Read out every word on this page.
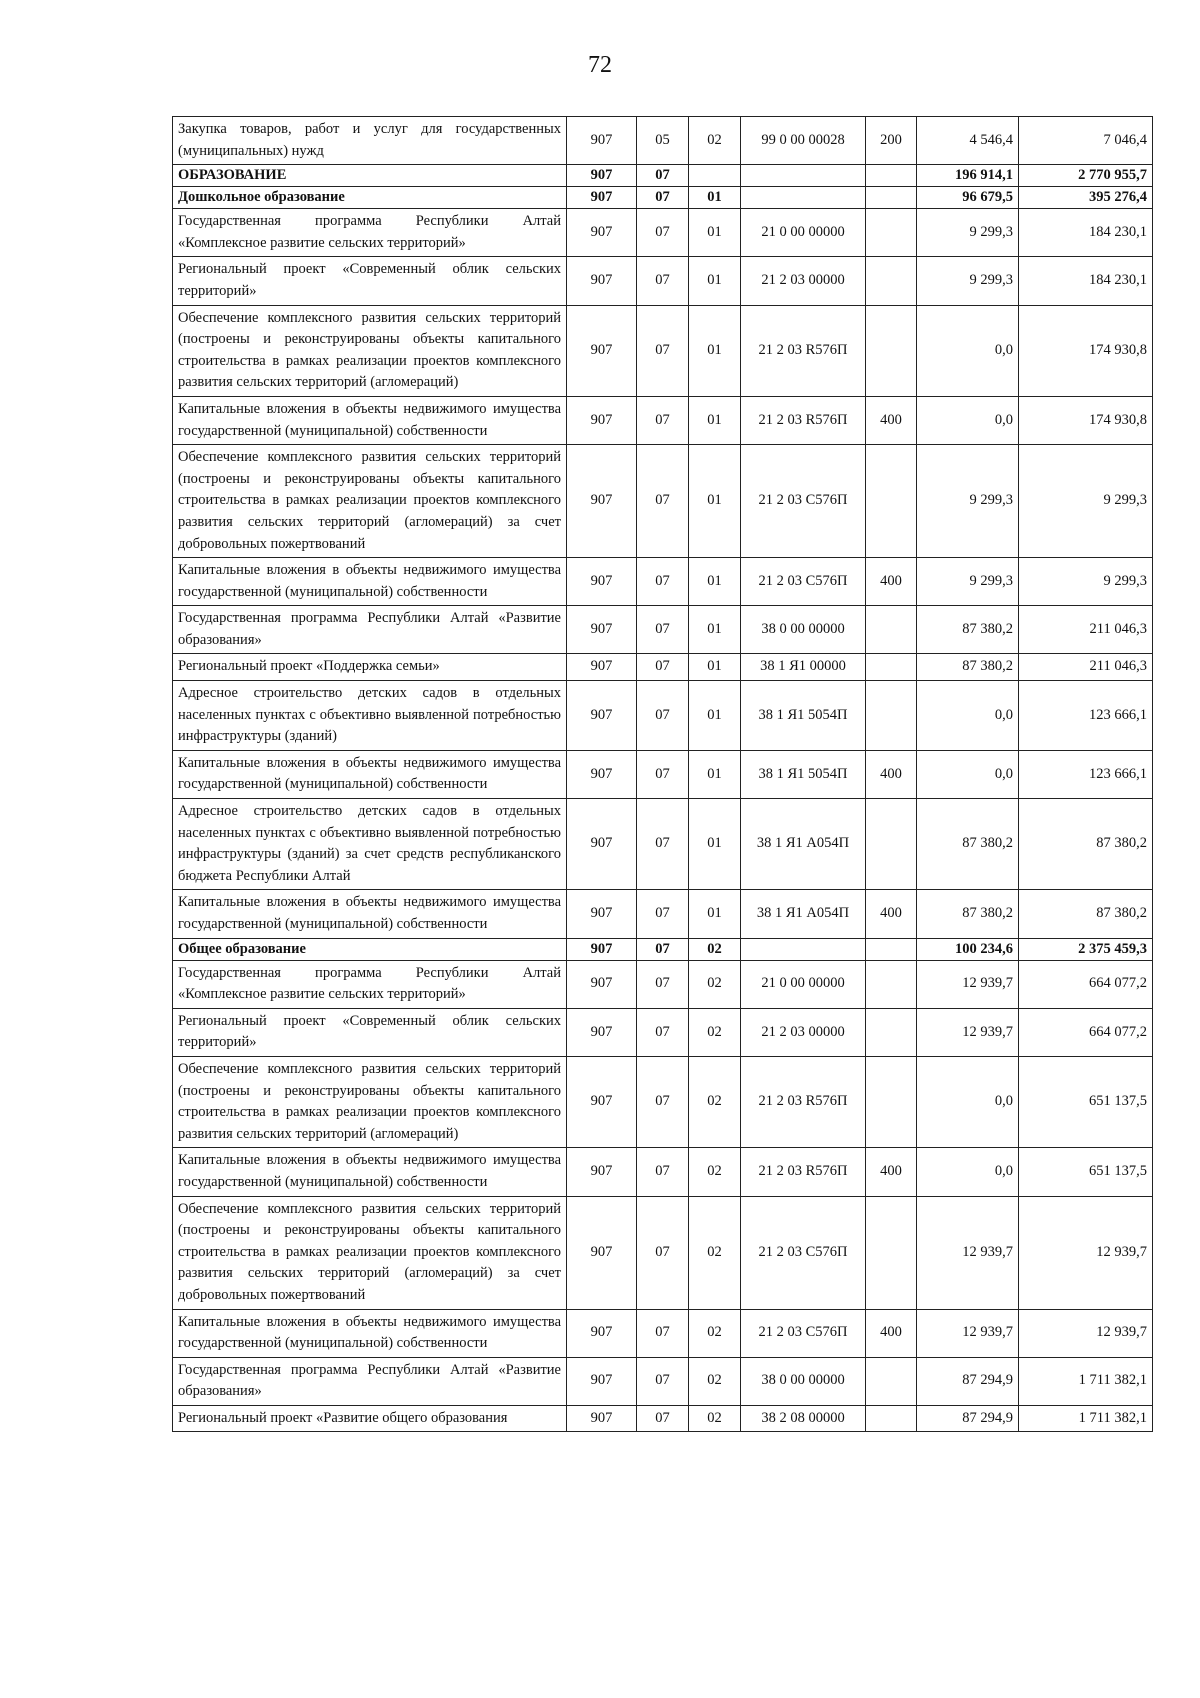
72
Закупка товаров, работ и услуг для государственных (муниципальных) нужд	907	05	02	99 0 00 00028	200	4 546,4	7 046,4
ОБРАЗОВАНИЕ	907	07				196 914,1	2 770 955,7
Дошкольное образование	907	07	01			96 679,5	395 276,4
Государственная программа Республики Алтай «Комплексное развитие сельских территорий»	907	07	01	21 0 00 00000		9 299,3	184 230,1
Региональный проект «Современный облик сельских территорий»	907	07	01	21 2 03 00000		9 299,3	184 230,1
Обеспечение комплексного развития сельских территорий (построены и реконструированы объекты капитального строительства в рамках реализации проектов комплексного развития сельских территорий (агломераций)	907	07	01	21 2 03 R576П		0,0	174 930,8
Капитальные вложения в объекты недвижимого имущества государственной (муниципальной) собственности	907	07	01	21 2 03 R576П	400	0,0	174 930,8
Обеспечение комплексного развития сельских территорий (построены и реконструированы объекты капитального строительства в рамках реализации проектов комплексного развития сельских территорий (агломераций) за счет добровольных пожертвований	907	07	01	21 2 03 С576П		9 299,3	9 299,3
Капитальные вложения в объекты недвижимого имущества государственной (муниципальной) собственности	907	07	01	21 2 03 С576П	400	9 299,3	9 299,3
Государственная программа Республики Алтай «Развитие образования»	907	07	01	38 0 00 00000		87 380,2	211 046,3
Региональный проект «Поддержка семьи»	907	07	01	38 1 Я1 00000		87 380,2	211 046,3
Адресное строительство детских садов в отдельных населенных пунктах с объективно выявленной потребностью инфраструктуры (зданий)	907	07	01	38 1 Я1 5054П		0,0	123 666,1
Капитальные вложения в объекты недвижимого имущества государственной (муниципальной) собственности	907	07	01	38 1 Я1 5054П	400	0,0	123 666,1
Адресное строительство детских садов в отдельных населенных пунктах с объективно выявленной потребностью инфраструктуры (зданий) за счет средств республиканского бюджета Республики Алтай	907	07	01	38 1 Я1 А054П		87 380,2	87 380,2
Капитальные вложения в объекты недвижимого имущества государственной (муниципальной) собственности	907	07	01	38 1 Я1 А054П	400	87 380,2	87 380,2
Общее образование	907	07	02			100 234,6	2 375 459,3
Государственная программа Республики Алтай «Комплексное развитие сельских территорий»	907	07	02	21 0 00 00000		12 939,7	664 077,2
Региональный проект «Современный облик сельских территорий»	907	07	02	21 2 03 00000		12 939,7	664 077,2
Обеспечение комплексного развития сельских территорий (построены и реконструированы объекты капитального строительства в рамках реализации проектов комплексного развития сельских территорий (агломераций)	907	07	02	21 2 03 R576П		0,0	651 137,5
Капитальные вложения в объекты недвижимого имущества государственной (муниципальной) собственности	907	07	02	21 2 03 R576П	400	0,0	651 137,5
Обеспечение комплексного развития сельских территорий (построены и реконструированы объекты капитального строительства в рамках реализации проектов комплексного развития сельских территорий (агломераций) за счет добровольных пожертвований	907	07	02	21 2 03 С576П		12 939,7	12 939,7
Капитальные вложения в объекты недвижимого имущества государственной (муниципальной) собственности	907	07	02	21 2 03 С576П	400	12 939,7	12 939,7
Государственная программа Республики Алтай «Развитие образования»	907	07	02	38 0 00 00000		87 294,9	1 711 382,1
Региональный проект «Развитие общего образования	907	07	02	38 2 08 00000		87 294,9	1 711 382,1
